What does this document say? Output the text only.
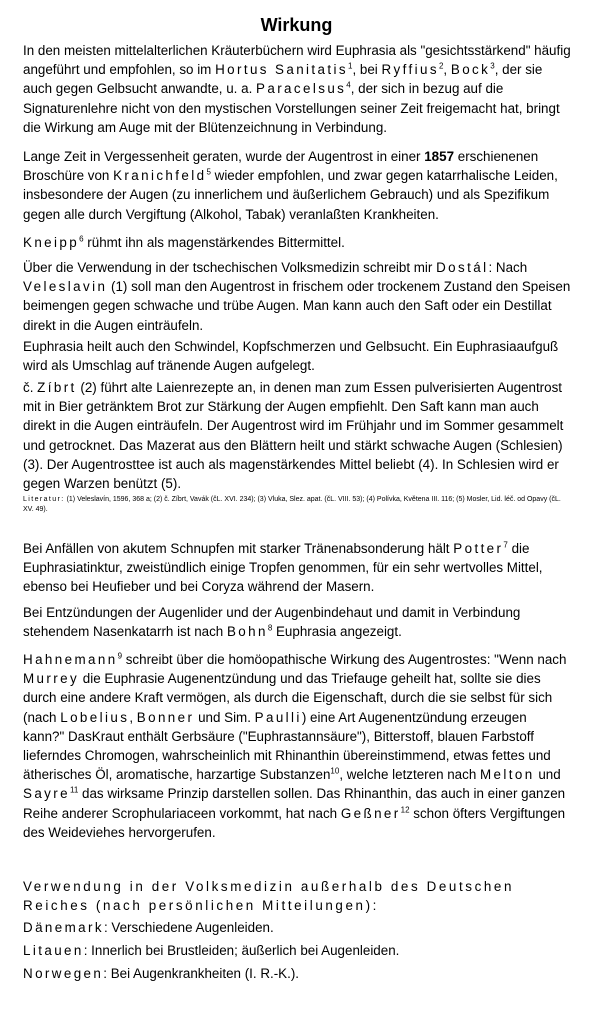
Wirkung

In den meisten mittelalterlichen Kräuterbüchern wird Euphrasia als "gesichtsstärkend" häufig angeführt und empfohlen, so im Hortus Sanitatis$^1$, bei Ryffius$^2$, Bock$^3$, der sie auch gegen Gelbsucht anwandte, u. a. Paracelsus$^4$, der sich in bezug auf die Signaturenlehre nicht von den mystischen Vorstellungen seiner Zeit freigemacht hat, bringt die Wirkung am Auge mit der Blütenzeichnung in Verbindung.

Lange Zeit in Vergessenheit geraten, wurde der Augentrost in einer 1857 erschienenen Broschüre von Kranichfeld$^5$ wieder empfohlen, und zwar gegen katarrhalische Leiden, insbesondere der Augen (zu innerlichem und äußerlichem Gebrauch) und als Spezifikum gegen alle durch Vergiftung (Alkohol, Tabak) veranlaßten Krankheiten.

Kneipp$^6$ rühmt ihn als magenstärkendes Bittermittel.

Über die Verwendung in der tschechischen Volksmedizin schreibt mir Dostál: Nach Veleslavin (1) soll man den Augentrost in frischem oder trockenem Zustand den Speisen beimengen gegen schwache und trübe Augen. Man kann auch den Saft oder ein Destillat direkt in die Augen einträufeln.

Euphrasia heilt auch den Schwindel, Kopfschmerzen und Gelbsucht. Ein Euphrasiaaufguß wird als Umschlag auf tränende Augen aufgelegt.

č. Zíbrt (2) führt alte Laienrezepte an, in denen man zum Essen pulverisierten Augentrost mit in Bier getränktem Brot zur Stärkung der Augen empfiehlt. Den Saft kann man auch direkt in die Augen einträufeln. Der Augentrost wird im Frühjahr und im Sommer gesammelt und getrocknet. Das Mazerat aus den Blättern heilt und stärkt schwache Augen (Schlesien) (3). Der Augentrosttee ist auch als magenstärkendes Mittel beliebt (4). In Schlesien wird er gegen Warzen benützt (5).

Literatur: (1) Veleslavín, 1596, 368 a; (2) č. Zíbrt, Vavák (čL. XVI. 234); (3) Vluka, Slez. apat. (čL. VIII. 53); (4) Polívka, Květena III. 116; (5) Mosler, Lid. léč. od Opavy (čL. XV. 49).

Bei Anfällen von akutem Schnupfen mit starker Tränenabsonderung hält Potter$^7$ die Euphrasiatinktur, zweistündlich einige Tropfen genommen, für ein sehr wertvolles Mittel, ebenso bei Heufieber und bei Coryza während der Masern.

Bei Entzündungen der Augenlider und der Augenbindehaut und damit in Verbindung stehendem Nasenkatarrh ist nach Bohn$^8$ Euphrasia angezeigt.

Hahnemann$^9$ schreibt über die homöopathische Wirkung des Augentrostes: "Wenn nach Murrey die Euphrasie Augenentzündung und das Triefauge geheilt hat, sollte sie dies durch eine andere Kraft vermögen, als durch die Eigenschaft, durch die sie selbst für sich (nach Lobelius, Bonner und Sim. Paulli) eine Art Augenentzündung erzeugen kann?" DasKraut enthält Gerbsäure ("Euphrastannsäure"), Bitterstoff, blauen Farbstoff lieferndes Chromogen, wahrscheinlich mit Rhinanthin übereinstimmend, etwas fettes und ätherisches Öl, aromatische, harzartige Substanzen$^{10}$, welche letzteren nach Melton und Sayre$^{11}$ das wirksame Prinzip darstellen sollen. Das Rhinanthin, das auch in einer ganzen Reihe anderer Scrophulariaceen vorkommt, hat nach Geßner$^{12}$ schon öfters Vergiftungen des Weideviehes hervorgerufen.

Verwendung in der Volksmedizin außerhalb des Deutschen Reiches (nach persönlichen Mitteilungen):

Dänemark: Verschiedene Augenleiden.

Litauen: Innerlich bei Brustleiden; äußerlich bei Augenleiden.

Norwegen: Bei Augenkrankheiten (I. R.-K.).
